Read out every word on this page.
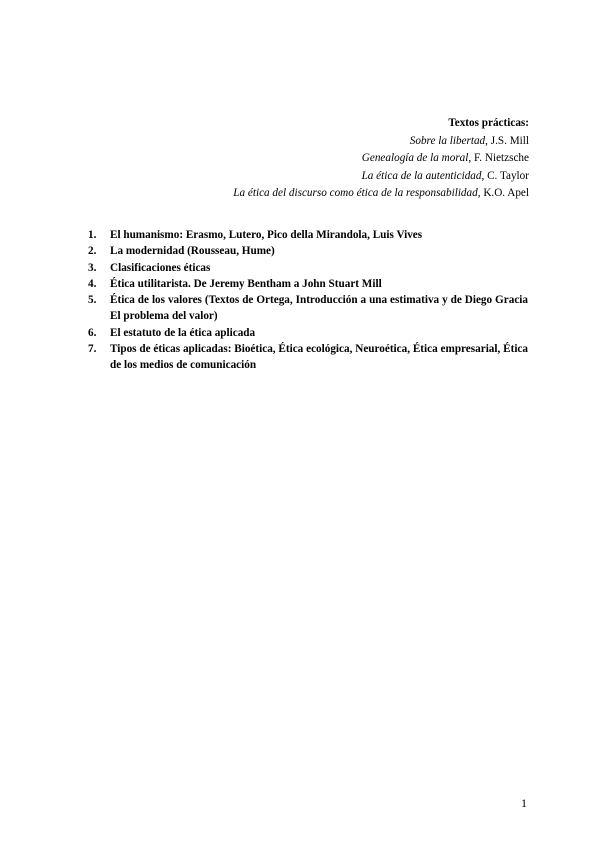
Textos prácticas:
Sobre la libertad, J.S. Mill
Genealogía de la moral, F. Nietzsche
La ética de la autenticidad, C. Taylor
La ética del discurso como ética de la responsabilidad, K.O. Apel
1. El humanismo: Erasmo, Lutero, Pico della Mirandola, Luis Vives
2. La modernidad (Rousseau, Hume)
3. Clasificaciones éticas
4. Ética utilitarista. De Jeremy Bentham a John Stuart Mill
5. Ética de los valores (Textos de Ortega, Introducción a una estimativa y de Diego Gracia El problema del valor)
6. El estatuto de la ética aplicada
7. Tipos de éticas aplicadas: Bioética, Ética ecológica, Neuroética, Ética empresarial, Ética de los medios de comunicación
1
